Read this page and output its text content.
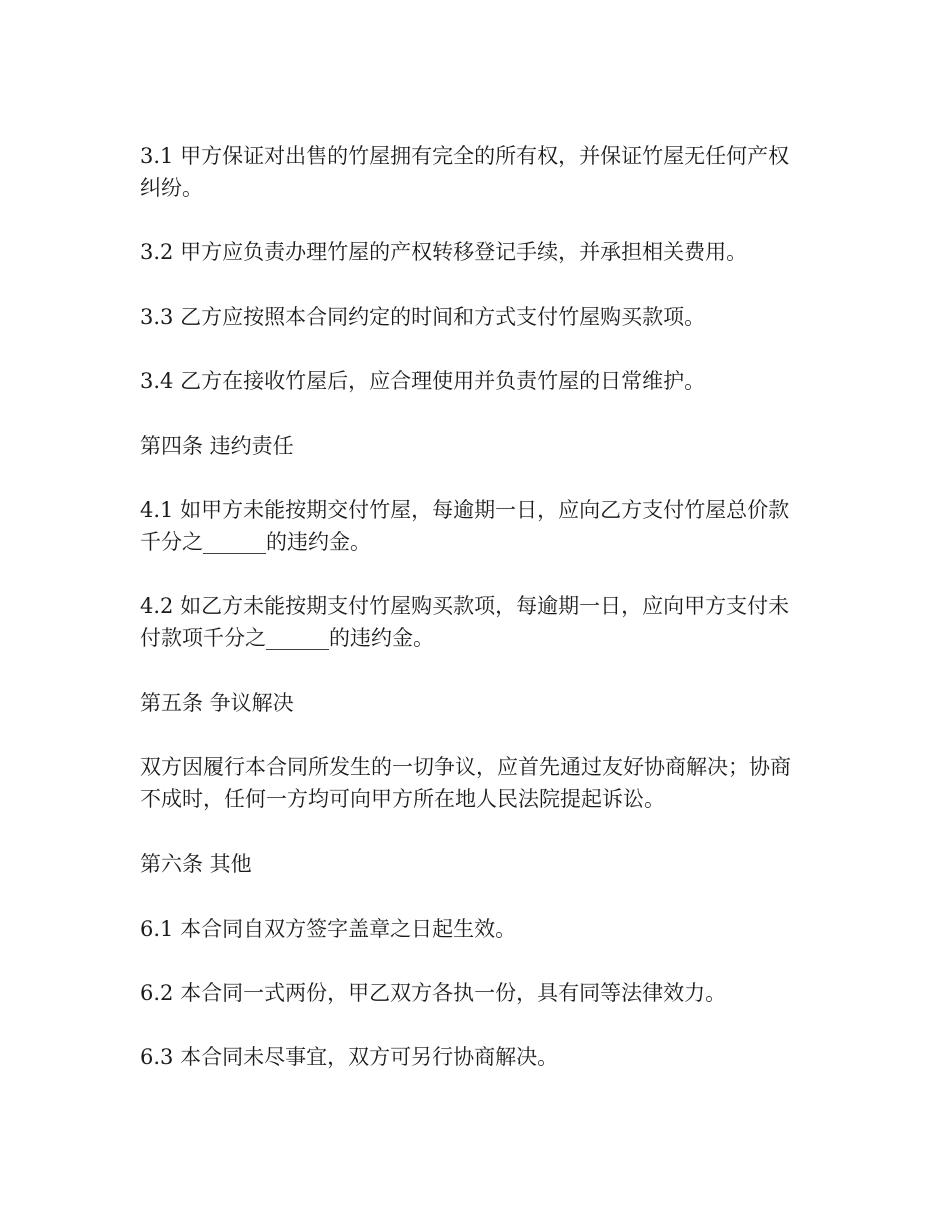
3.1 甲方保证对出售的竹屋拥有完全的所有权，并保证竹屋无任何产权纠纷。

3.2 甲方应负责办理竹屋的产权转移登记手续，并承担相关费用。

3.3 乙方应按照本合同约定的时间和方式支付竹屋购买款项。

3.4 乙方在接收竹屋后，应合理使用并负责竹屋的日常维护。

第四条 违约责任

4.1 如甲方未能按期交付竹屋，每逾期一日，应向乙方支付竹屋总价款千分之______的违约金。

4.2 如乙方未能按期支付竹屋购买款项，每逾期一日，应向甲方支付未付款项千分之______的违约金。

第五条 争议解决

双方因履行本合同所发生的一切争议，应首先通过友好协商解决；协商不成时，任何一方均可向甲方所在地人民法院提起诉讼。

第六条 其他

6.1 本合同自双方签字盖章之日起生效。

6.2 本合同一式两份，甲乙双方各执一份，具有同等法律效力。

6.3 本合同未尽事宜，双方可另行协商解决。
